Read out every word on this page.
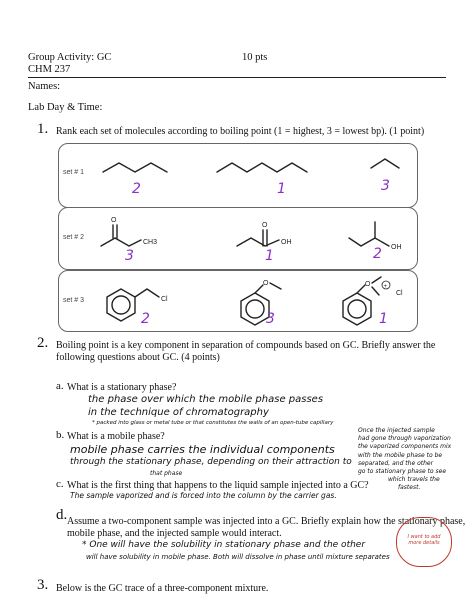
Group Activity: GC	10 pts
CHM 237
Names:
Lab Day & Time:
1. Rank each set of molecules according to boiling point (1 = highest, 3 = lowest bp). (1 point)
set # 1
2	1	3
set # 2
O
CH3
O
OH
OH
3	1	2
set # 3	Cl
O	O +
Cl
2	3	1
2. Boiling point is a key component in separation of compounds based on GC. Briefly answer the
following questions about GC. (4 points)
a. What is a stationary phase?
the phase over which the mobile phase passes
in the technique of chromatography
* packed into glass or metal tube or that constitutes the walls of an open-tube capillary
b. What is a mobile phase?
mobile phase carries the individual components
through the stationary phase, depending on their attraction to
that phase
Once the injected sample
had gone through vaporization
the vaporized components mix
with the mobile phase to be
separated, and the other
go to stationary phase to see
which travels the
fastest.
c. What is the first thing that happens to the liquid sample injected into a GC?
The sample vaporized and is forced into the column by the carrier gas.
d. Assume a two-component sample was injected into a GC. Briefly explain how the stationary phase,
mobile phase, and the injected sample would interact.
* One will have the solubility in stationary phase and the other
will have solubility in mobile phase. Both will dissolve in phase until mixture separates
I want to add
more details
3. Below is the GC trace of a three-component mixture.
